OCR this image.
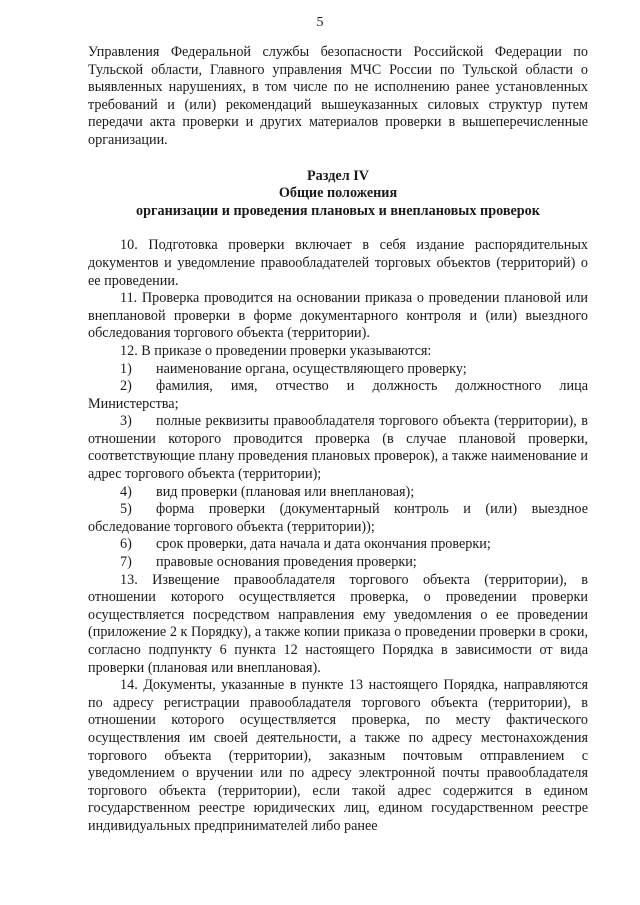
5

Управления Федеральной службы безопасности Российской Федерации по Тульской области, Главного управления МЧС России по Тульской области о выявленных нарушениях, в том числе по не исполнению ранее установленных требований и (или) рекомендаций вышеуказанных силовых структур путем передачи акта проверки и других материалов проверки в вышеперечисленные организации.

Раздел IV

Общие положения

организации и проведения плановых и внеплановых проверок

10. Подготовка проверки включает в себя издание распорядительных документов и уведомление правообладателей торговых объектов (территорий) о ее проведении.

11. Проверка проводится на основании приказа о проведении плановой или внеплановой проверки в форме документарного контроля и (или) выездного обследования торгового объекта (территории).

12. В приказе о проведении проверки указываются:

1) наименование органа, осуществляющего проверку;

2) фамилия, имя, отчество и должность должностного лица Министерства;

3) полные реквизиты правообладателя торгового объекта (территории), в отношении которого проводится проверка (в случае плановой проверки, соответствующие плану проведения плановых проверок), а также наименование и адрес торгового объекта (территории);

4) вид проверки (плановая или внеплановая);

5) форма проверки (документарный контроль и (или) выездное обследование торгового объекта (территории));

6) срок проверки, дата начала и дата окончания проверки;

7) правовые основания проведения проверки;

13. Извещение правообладателя торгового объекта (территории), в отношении которого осуществляется проверка, о проведении проверки осуществляется посредством направления ему уведомления о ее проведении (приложение 2 к Порядку), а также копии приказа о проведении проверки в сроки, согласно подпункту 6 пункта 12 настоящего Порядка в зависимости от вида проверки (плановая или внеплановая).

14. Документы, указанные в пункте 13 настоящего Порядка, направляются по адресу регистрации правообладателя торгового объекта (территории), в отношении которого осуществляется проверка, по месту фактического осуществления им своей деятельности, а также по адресу местонахождения торгового объекта (территории), заказным почтовым отправлением с уведомлением о вручении или по адресу электронной почты правообладателя торгового объекта (территории), если такой адрес содержится в едином государственном реестре юридических лиц, едином государственном реестре индивидуальных предпринимателей либо ранее
